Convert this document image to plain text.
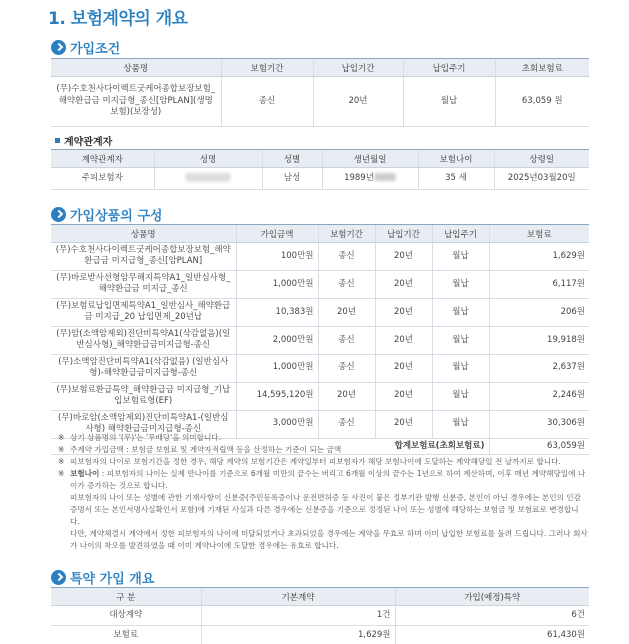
1. 보험계약의 개요
가입조건
상품명	보험기간	납입기간	납입주기	초회보험료
(무)수호천사다이렉트굿케어종합보장보험_해약환급금 미지급형_종신[암PLAN](생명보험)(보장성)	종신	20년	월납	63,059 원
계약관계자
계약관계자	성명	성별	생년월일	보험나이	상령일
주피보험자		남성	1989년	35 세	2025년03월20일
가입상품의 구성
상품명	가입금액	보험기간	납입기간	납입주기	보험료
(무)수호천사다이렉트굿케어종합보장보험_해약환급금 미지급형_종신[암PLAN]	100만원	종신	20년	월납	1,629원
(무)바로받사선형암무해지특약A1_일반심사형_해약환급금 미지급_종신	1,000만원	종신	20년	월납	6,117원
(무)보험료납입면제특약A1_일반심사_해약환급금 미지급_20 납입면제_20년납	10,383원	20년	20년	월납	206원
(무)암(소액암제외)진단비특약A1(삭감없음)(일반심사형)_해약환급금미지급형-종신	2,000만원	종신	20년	월납	19,918원
(무)소액암진단비특약A1(삭감없음) (일반심사형)-해약환급금미지급형-종신	1,000만원	종신	20년	월납	2,637원
(무)보험료환급특약_해약환급금 미지급형_기납입보험료형(EF)	14,595,120원	20년	20년	월납	2,246원
(무)바로암(소액암제외)진단비특약A1-(일반심사형) 해약환급금미지급형-종신	3,000만원	종신	20년	월납	30,306원
합계보험료(초회보험료)					63,059원
※ 상기 상품명의 '(무)'는 '무배당'을 의미합니다.
※ 주계약 가입금액 : 보험금 보험료 및 계약자적립액 등을 산정하는 기준이 되는 금액
※ 피보험자의 나이로 보험기간을 정한 경우, 해당 계약의 보험기간은 계약일부터 피보험자가 해당 보험나이에 도달하는 계약해당일 전 날까지로 합니다.
※ 보험나이 : 피보험자의 나이는 실제 만나이를 기준으로 6개월 미만의 끝수는 버리고 6개월 이상의 끝수는 1년으로 하여 계산하며, 이후 매년 계약해당일에 나이가 증가하는 것으로 합니다.
피보험자의 나이 또는 성별에 관한 기재사항이 신분증(주민등록증이나 운전면허증 등 사진이 붙은 정부기관 발행 신분증, 본인이 아닌 경우에는 본인의 인감증명서 또는 본인서명사실확인서 포함)에 기재된 사실과 다른 경우에는 신분증을 기준으로 정정된 나이 또는 성별에 해당하는 보험금 및 보험료로 변경합니다.
다만, 계약체결시 계약에서 정한 피보험자의 나이에 미달되었거나 초과되었을 경우에는 계약을 무효로 하며 이미 납입한 보험료를 돌려 드립니다. 그러나 회사가 나이의 착오를 발견하였을 때 이미 계약나이에 도달한 경우에는 유효로 합니다.
특약 가입 개요
구 분	기본계약	가입(예정)특약
대상계약	1건	6건
보험료	1,629원	61,430원
